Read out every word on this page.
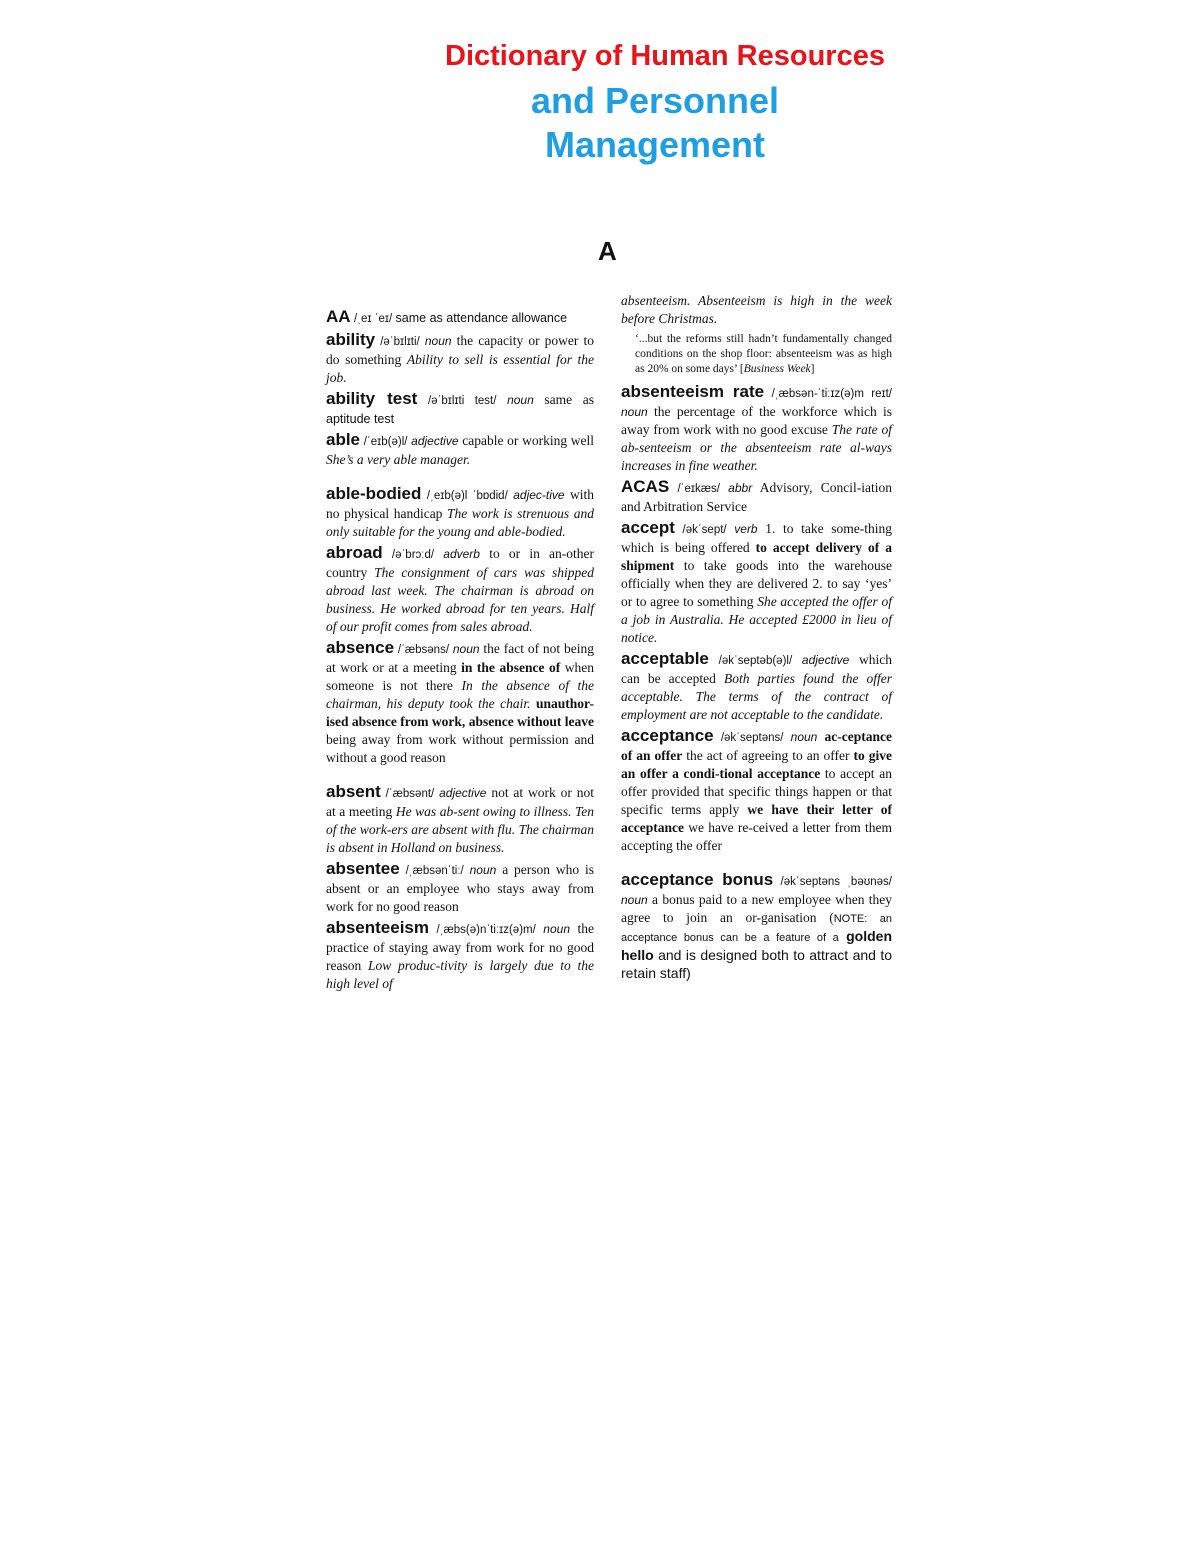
Dictionary of Human Resources
and Personnel
Management
A
AA /ˌeɪ ˈeɪ/ same as attendance allowance
ability /əˈbɪlɪti/ noun the capacity or power to do something Ability to sell is essential for the job.
ability test /əˈbɪlɪti test/ noun same as aptitude test
able /ˈeɪb(ə)l/ adjective capable or working well She’s a very able manager.
able-bodied /ˌeɪb(ə)l ˈbɒdid/ adjec-tive with no physical handicap The work is strenuous and only suitable for the young and able-bodied.
abroad /əˈbrɔːd/ adverb to or in an-other country The consignment of cars was shipped abroad last week. The chairman is abroad on business. He worked abroad for ten years. Half of our profit comes from sales abroad.
absence /ˈæbsəns/ noun the fact of not being at work or at a meeting in the absence of when someone is not there In the absence of the chairman, his deputy took the chair. unauthor-ised absence from work, absence without leave being away from work without permission and without a good reason
absent /ˈæbsənt/ adjective not at work or not at a meeting He was ab-sent owing to illness. Ten of the work-ers are absent with flu. The chairman is absent in Holland on business.
absentee /ˌæbsənˈtiː/ noun a person who is absent or an employee who stays away from work for no good reason
absenteeism /ˌæbs(ə)nˈtiːɪz(ə)m/ noun the practice of staying away from work for no good reason Low produc-tivity is largely due to the high level of
absenteeism. Absenteeism is high in the week before Christmas.
‘...but the reforms still hadn’t fundamentally changed conditions on the shop floor: absenteeism was as high as 20% on some days’ [Business Week]
absenteeism rate /ˌæbsən-ˈtiːɪz(ə)m reɪt/ noun the percentage of the workforce which is away from work with no good excuse The rate of ab-senteeism or the absenteeism rate al-ways increases in fine weather.
ACAS /ˈeɪkæs/ abbr Advisory, Concil-iation and Arbitration Service
accept /əkˈsept/ verb 1. to take some-thing which is being offered to accept delivery of a shipment to take goods into the warehouse officially when they are delivered 2. to say ‘yes’ or to agree to something She accepted the offer of a job in Australia. He accepted £2000 in lieu of notice.
acceptable /əkˈseptəb(ə)l/ adjective which can be accepted Both parties found the offer acceptable. The terms of the contract of employment are not acceptable to the candidate.
acceptance /əkˈseptəns/ noun ac-ceptance of an offer the act of agreeing to an offer to give an offer a condi-tional acceptance to accept an offer provided that specific things happen or that specific terms apply we have their letter of acceptance we have re-ceived a letter from them accepting the offer
acceptance bonus /əkˈseptəns ˌbəʊnəs/ noun a bonus paid to a new employee when they agree to join an or-ganisation (NOTE: an acceptance bonus can be a feature of a golden hello and is designed both to attract and to retain staff)
